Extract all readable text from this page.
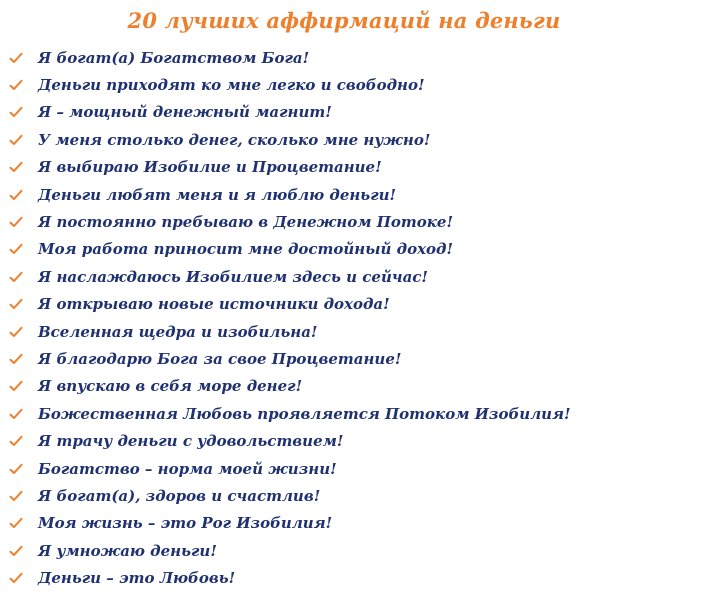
20 лучших аффирмаций на деньги
Я богат(а) Богатством Бога!
Деньги приходят ко мне легко и свободно!
Я – мощный денежный магнит!
У меня столько денег, сколько мне нужно!
Я выбираю Изобилие и Процветание!
Деньги любят меня и я люблю деньги!
Я постоянно пребываю в Денежном Потоке!
Моя работа приносит мне достойный доход!
Я наслаждаюсь Изобилием здесь и сейчас!
Я открываю новые источники дохода!
Вселенная щедра и изобильна!
Я благодарю Бога за свое Процветание!
Я впускаю в себя море денег!
Божественная Любовь проявляется Потоком Изобилия!
Я трачу деньги с удовольствием!
Богатство – норма моей жизни!
Я богат(а), здоров и счастлив!
Моя жизнь – это Рог Изобилия!
Я умножаю деньги!
Деньги – это Любовь!
